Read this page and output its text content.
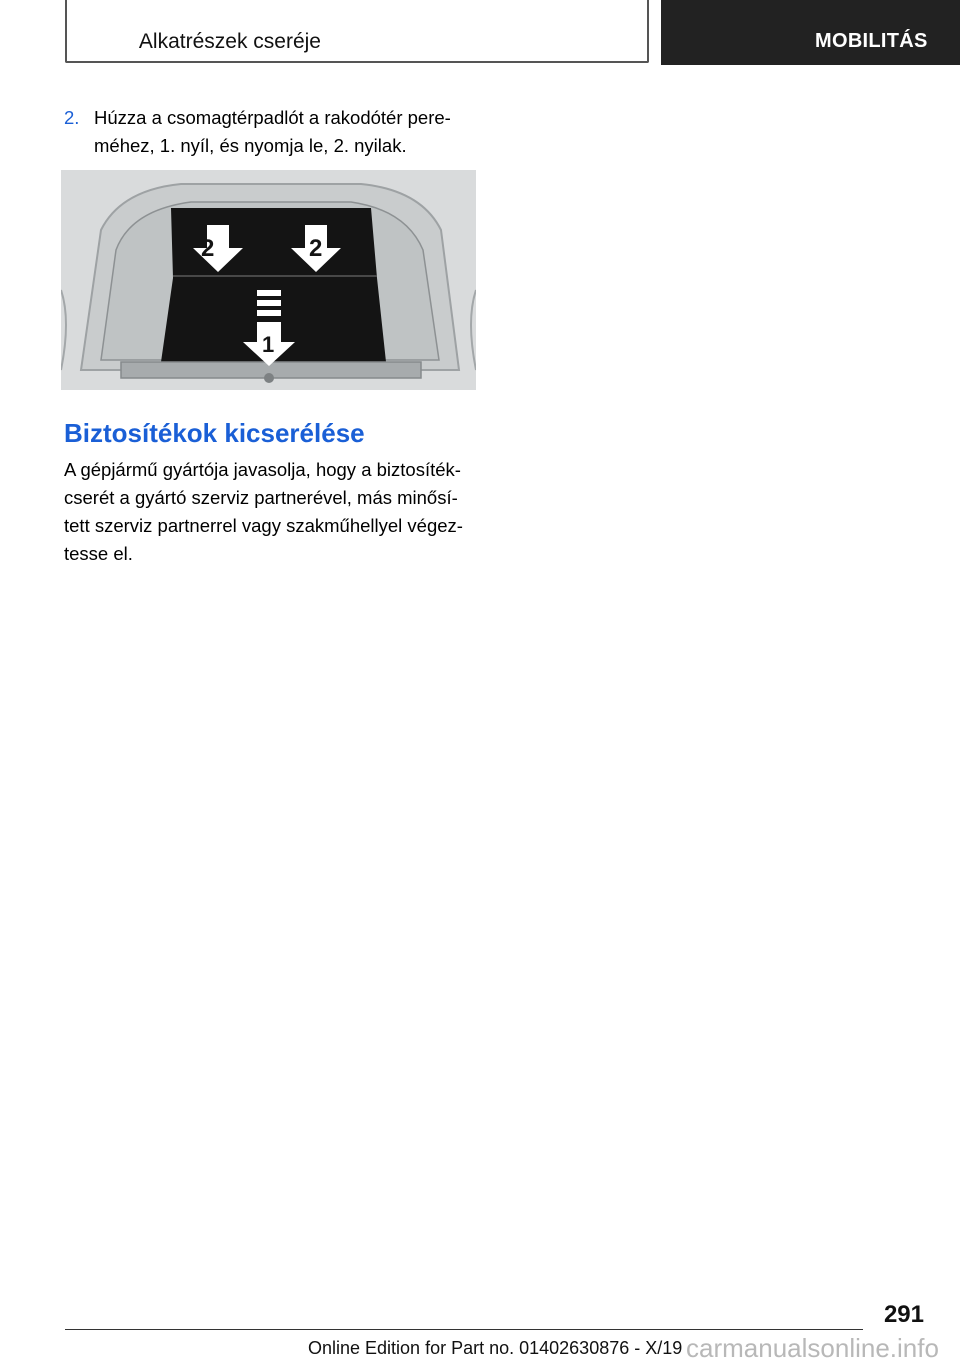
Alkatrészek cseréje	MOBILITÁS
2. Húzza a csomagtérpadlót a rakodótér pere‐
méhez, 1. nyíl, és nyomja le, 2. nyilak.
2	2
1
Biztosítékok kicserélése
A gépjármű gyártója javasolja, hogy a biztosíték‐
cserét a gyártó szerviz partnerével, más minősí‐
tett szerviz partnerrel vagy szakműhellyel végez‐
tesse el.
291
Online Edition for Part no. 01402630876 - X/19 carmanualsonline.info
